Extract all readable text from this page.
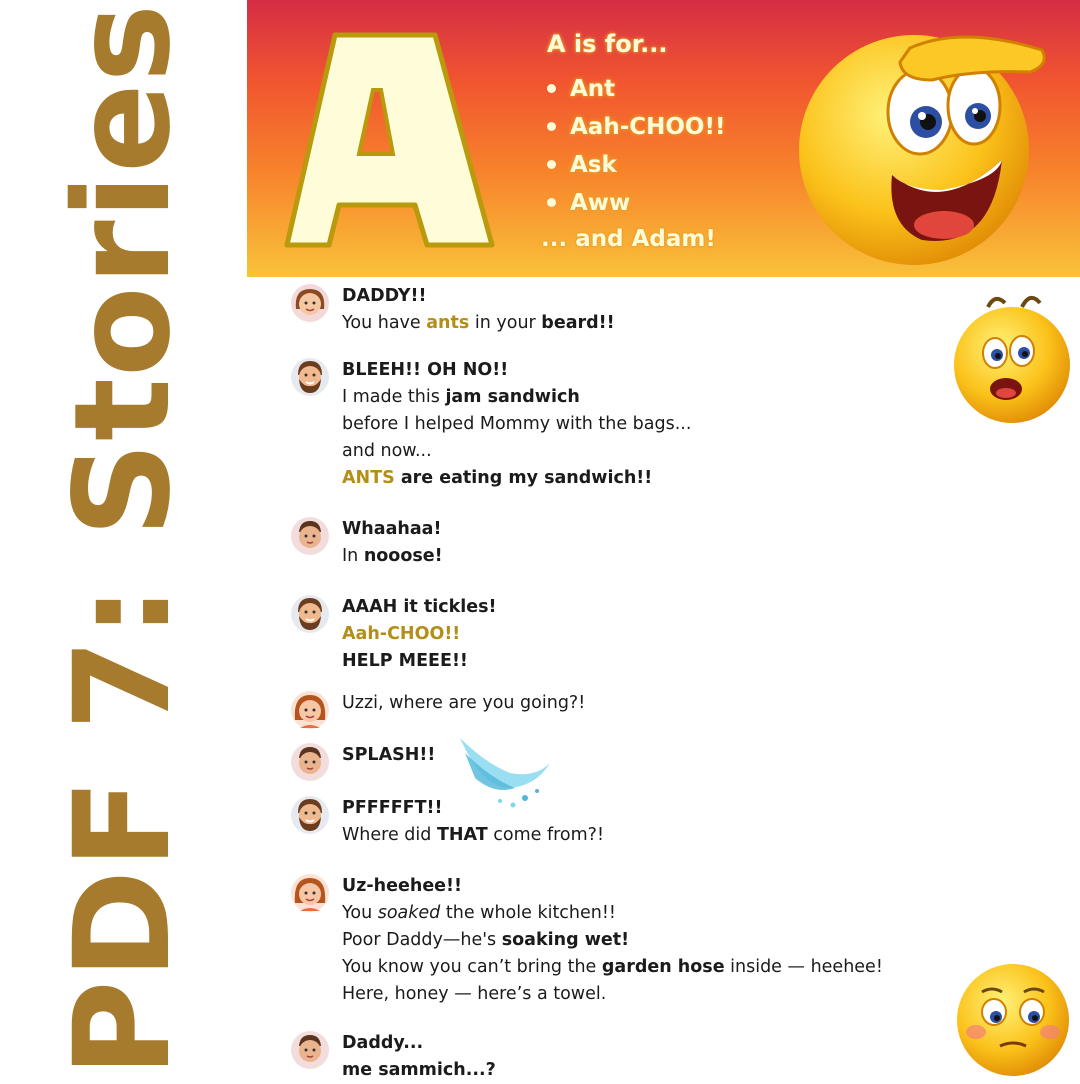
PDF 7: Stories	A
A is for...
Ant
Aah-CHOO!!
Ask
Aww
... and Adam!
DADDY!!
You have ants in your beard!!
BLEEH!! OH NO!!
I made this jam sandwich
before I helped Mommy with the bags...
and now...
ANTS are eating my sandwich!!
Whaahaa!
In nooose!
AAAH it tickles!
Aah-CHOO!!
HELP MEEE!!
Uzzi, where are you going?!
SPLASH!!
PFFFFFT!!
Where did THAT come from?!
Uz-heehee!!
You soaked the whole kitchen!!
Poor Daddy—he's soaking wet!
You know you can’t bring the garden hose inside — heehee!
Here, honey — here’s a towel.
Daddy...
me sammich...?
